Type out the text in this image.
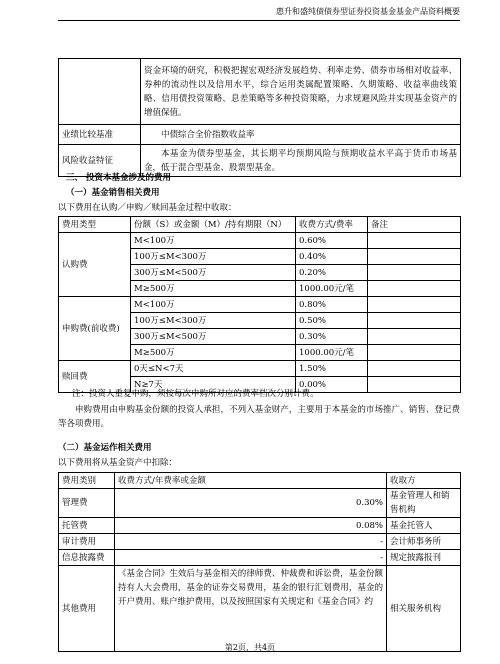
惠升和盛纯债债券型证券投资基金基金产品资料概要
	资金环境的研究，积极把握宏观经济发展趋势、利率走势、债券市场相对收益率、券种的流动性以及信用水平，综合运用类属配置策略、久期策略、收益率曲线策略、信用债投资策略、息差策略等多种投资策略，力求规避风险并实现基金资产的增值保值。
业绩比较基准	中债综合全价指数收益率
风险收益特征	本基金为债券型基金，其长期平均预期风险与预期收益水平高于货币市场基金，低于混合型基金、股票型基金。
三、 投资本基金涉及的费用
（一）基金销售相关费用
以下费用在认购／申购／赎回基金过程中收取：
费用类型	份额（S）或金额（M）/持有期限（N）	收费方式/费率	备注
认购费	M<100万	0.60%	
	100万≤M<300万	0.40%	
	300万≤M<500万	0.20%	
	M≥500万	1000.00元/笔	
申购费(前收费)	M<100万	0.80%	
	100万≤M<300万	0.50%	
	300万≤M<500万	0.30%	
	M≥500万	1000.00元/笔	
赎回费	0天≤N<7天	1.50%	
	N≥7天	0.00%	
注：投资人重复申购，须按每次申购所对应的费率档次分别计费。
申购费用由申购基金份额的投资人承担，不列入基金财产，主要用于本基金的市场推广、销售、登记费等各项费用。
（二）基金运作相关费用
以下费用将从基金资产中扣除：
费用类别	收费方式/年费率或金额	收取方
管理费	0.30%	基金管理人和销售机构
托管费	0.08%	基金托管人
审计费用	-	会计师事务所
信息披露费	-	规定披露报刊
其他费用	《基金合同》生效后与基金相关的律师费、仲裁费和诉讼费，基金份额持有人大会费用，基金的证券交易费用，基金的银行汇划费用，基金的开户费用、账户维护费用，以及按照国家有关规定和《基金合同》约	相关服务机构
第2页，共4页
